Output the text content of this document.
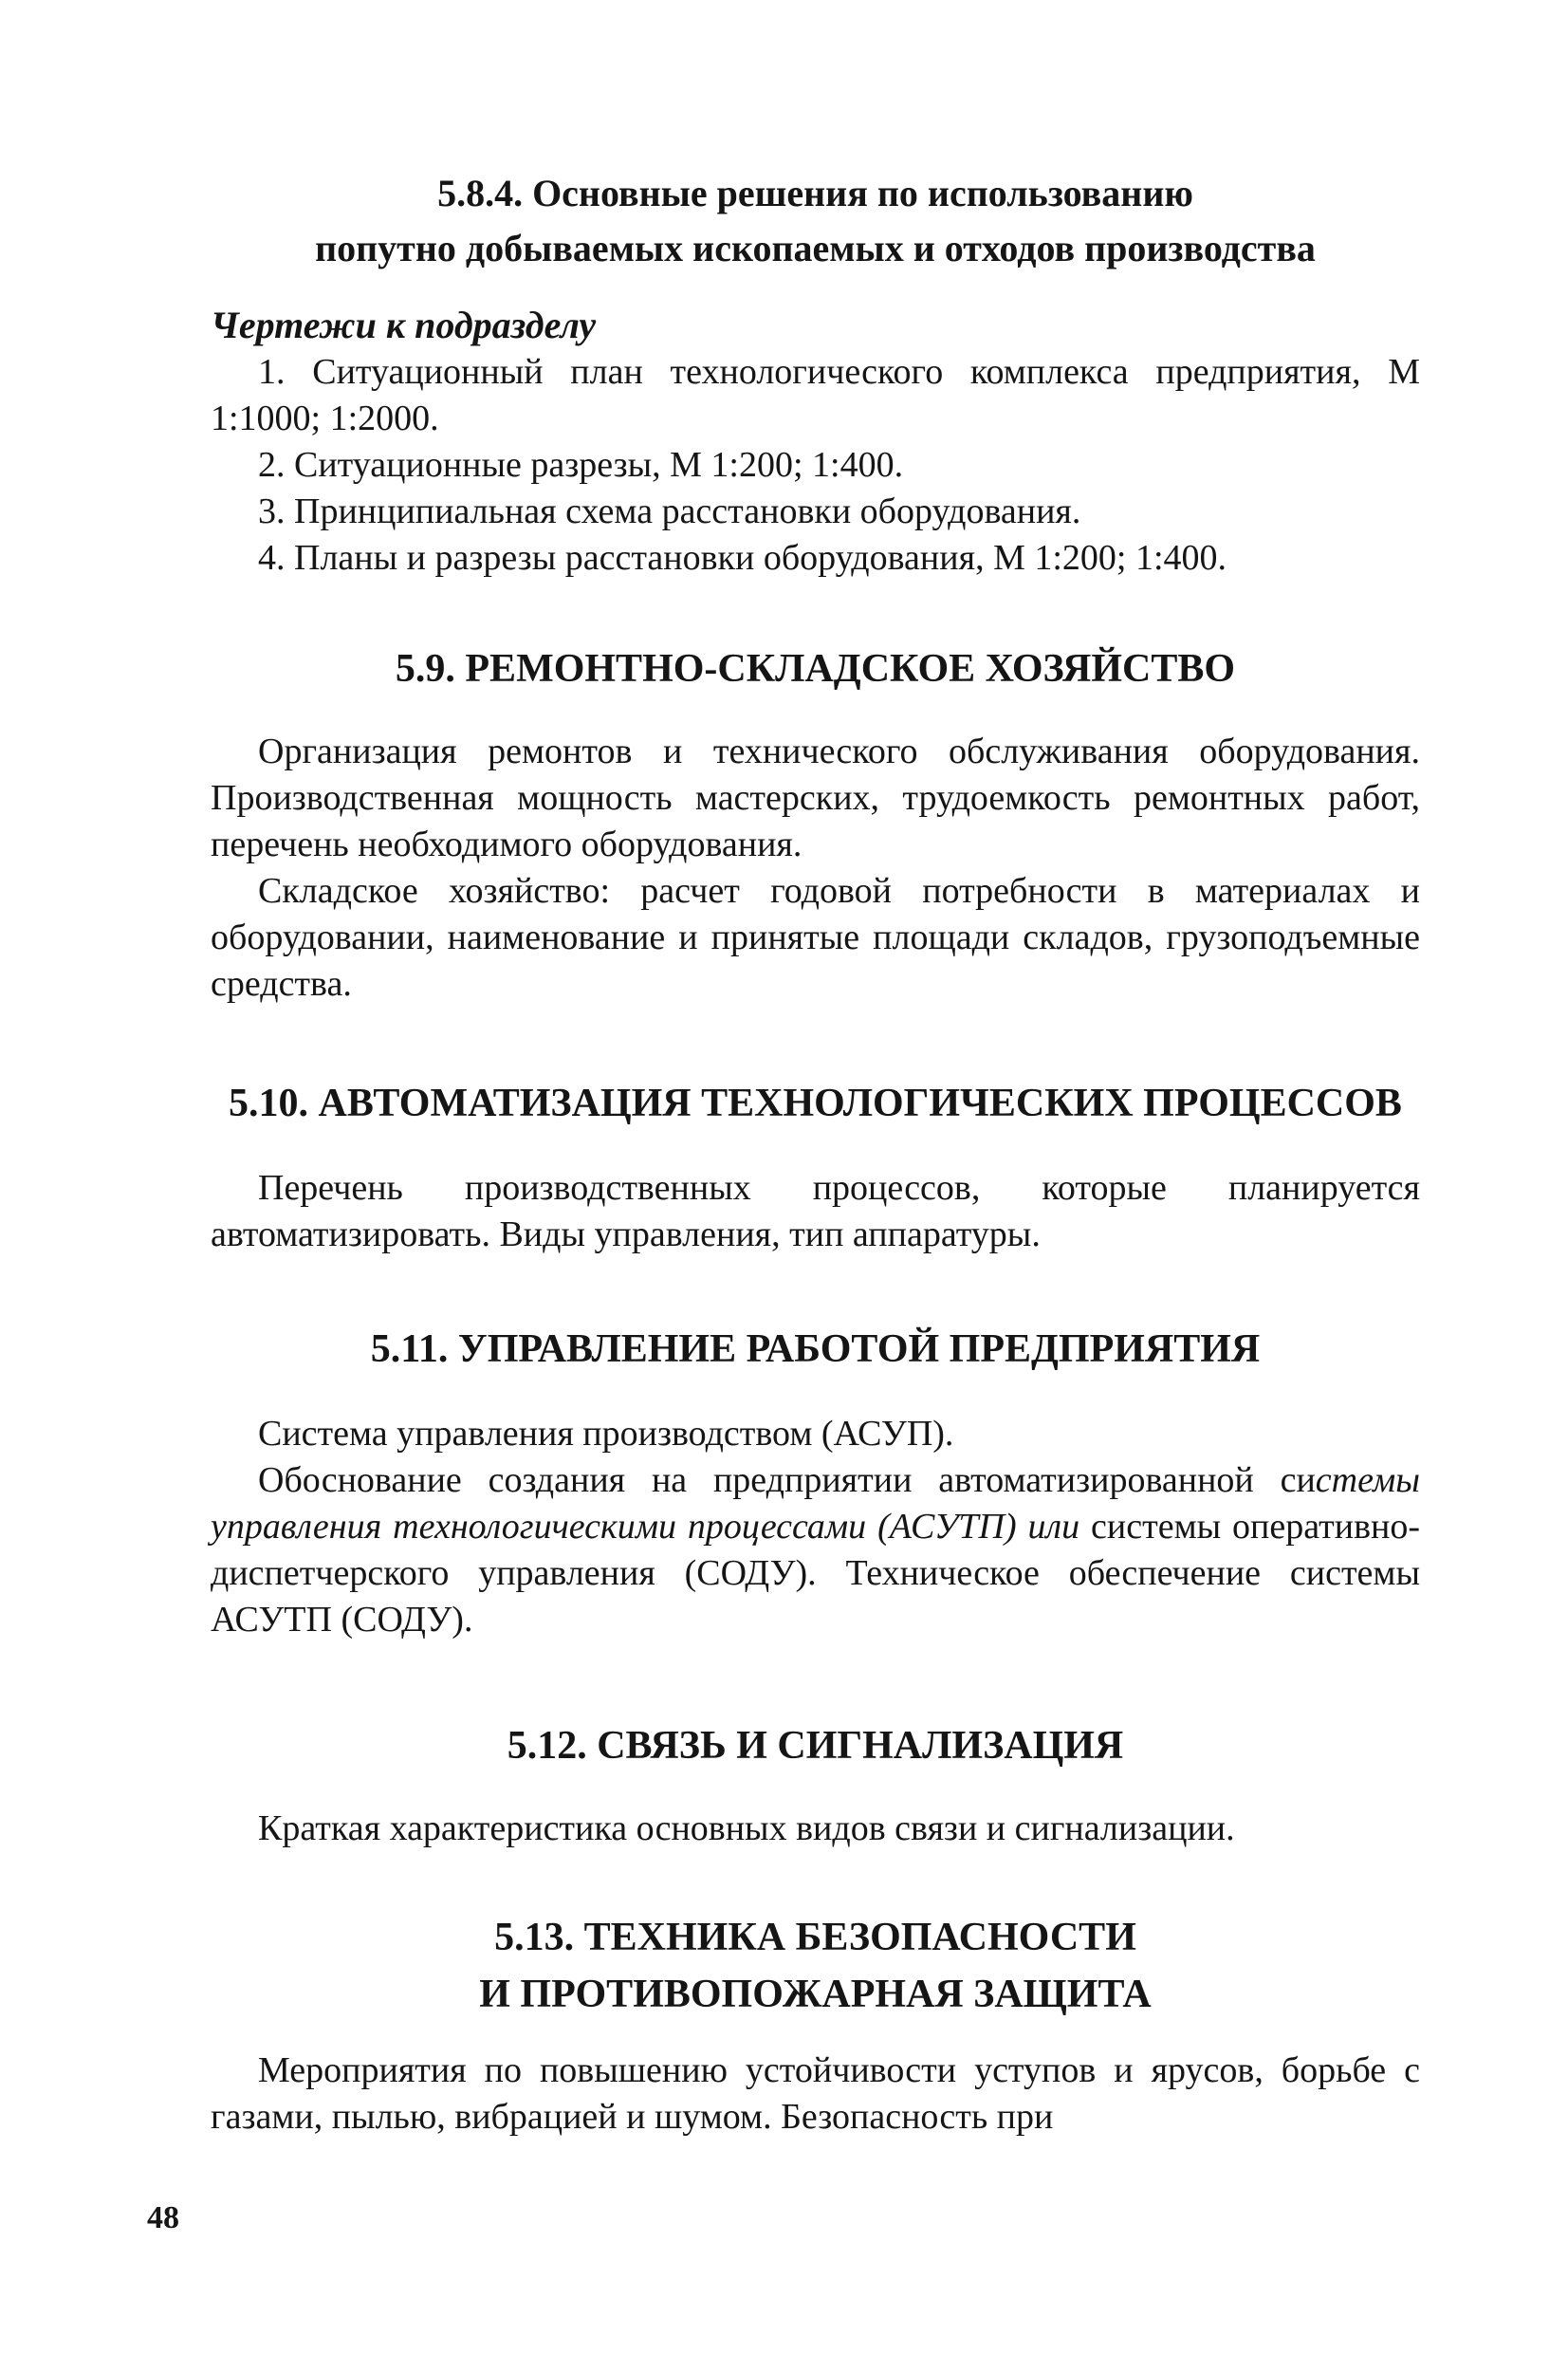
5.8.4. Основные решения по использованию

попутно добываемых ископаемых и отходов производства

Чертежи к подразделу

1. Ситуационный план технологического комплекса предприятия, М 1:1000; 1:2000.

2. Ситуационные разрезы, М 1:200; 1:400.

3. Принципиальная схема расстановки оборудования.

4. Планы и разрезы расстановки оборудования, М 1:200; 1:400.

5.9. РЕМОНТНО-СКЛАДСКОЕ ХОЗЯЙСТВО

Организация ремонтов и технического обслуживания оборудования. Производственная мощность мастерских, трудоемкость ремонтных работ, перечень необходимого оборудования.

Складское хозяйство: расчет годовой потребности в материалах и оборудовании, наименование и принятые площади складов, грузоподъемные средства.

5.10. АВТОМАТИЗАЦИЯ ТЕХНОЛОГИЧЕСКИХ ПРОЦЕССОВ

Перечень производственных процессов, которые планируется автоматизировать. Виды управления, тип аппаратуры.

5.11. УПРАВЛЕНИЕ РАБОТОЙ ПРЕДПРИЯТИЯ

Система управления производством (АСУП).

Обоснование создания на предприятии автоматизированной системы управления технологическими процессами (АСУТП) или системы оперативно-диспетчерского управления (СОДУ). Техническое обеспечение системы АСУТП (СОДУ).

5.12. СВЯЗЬ И СИГНАЛИЗАЦИЯ

Краткая характеристика основных видов связи и сигнализации.

5.13. ТЕХНИКА БЕЗОПАСНОСТИ

И ПРОТИВОПОЖАРНАЯ ЗАЩИТА

Мероприятия по повышению устойчивости уступов и ярусов, борьбе с газами, пылью, вибрацией и шумом. Безопасность при

48
